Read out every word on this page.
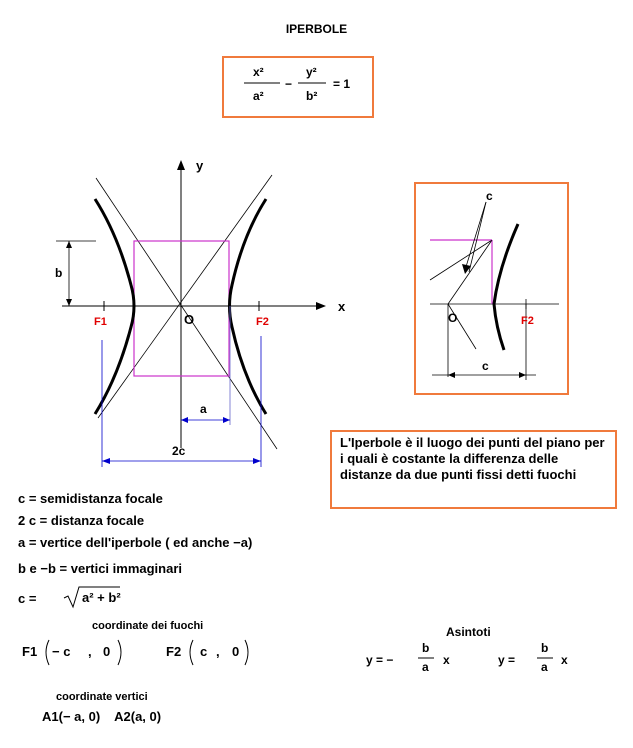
IPERBOLE
x²
a²
−
y²
b²
= 1
y
x
O
F1	F2
b
a
2c
c
O	F2
c
L'Iperbole è il luogo dei punti del piano per i quali è costante la differenza delle distanze da due punti fissi detti fuochi
c = semidistanza focale
2 c = distanza focale
a = vertice dell'iperbole ( ed anche −a)
b e −b = vertici immaginari
c =	a² + b²
coordinate dei fuochi
F1 − c , 0	F2 c , 0
Asintoti
y = −
b
a x	y =
b
a x
coordinate vertici
A1(− a, 0)    A2(a, 0)
